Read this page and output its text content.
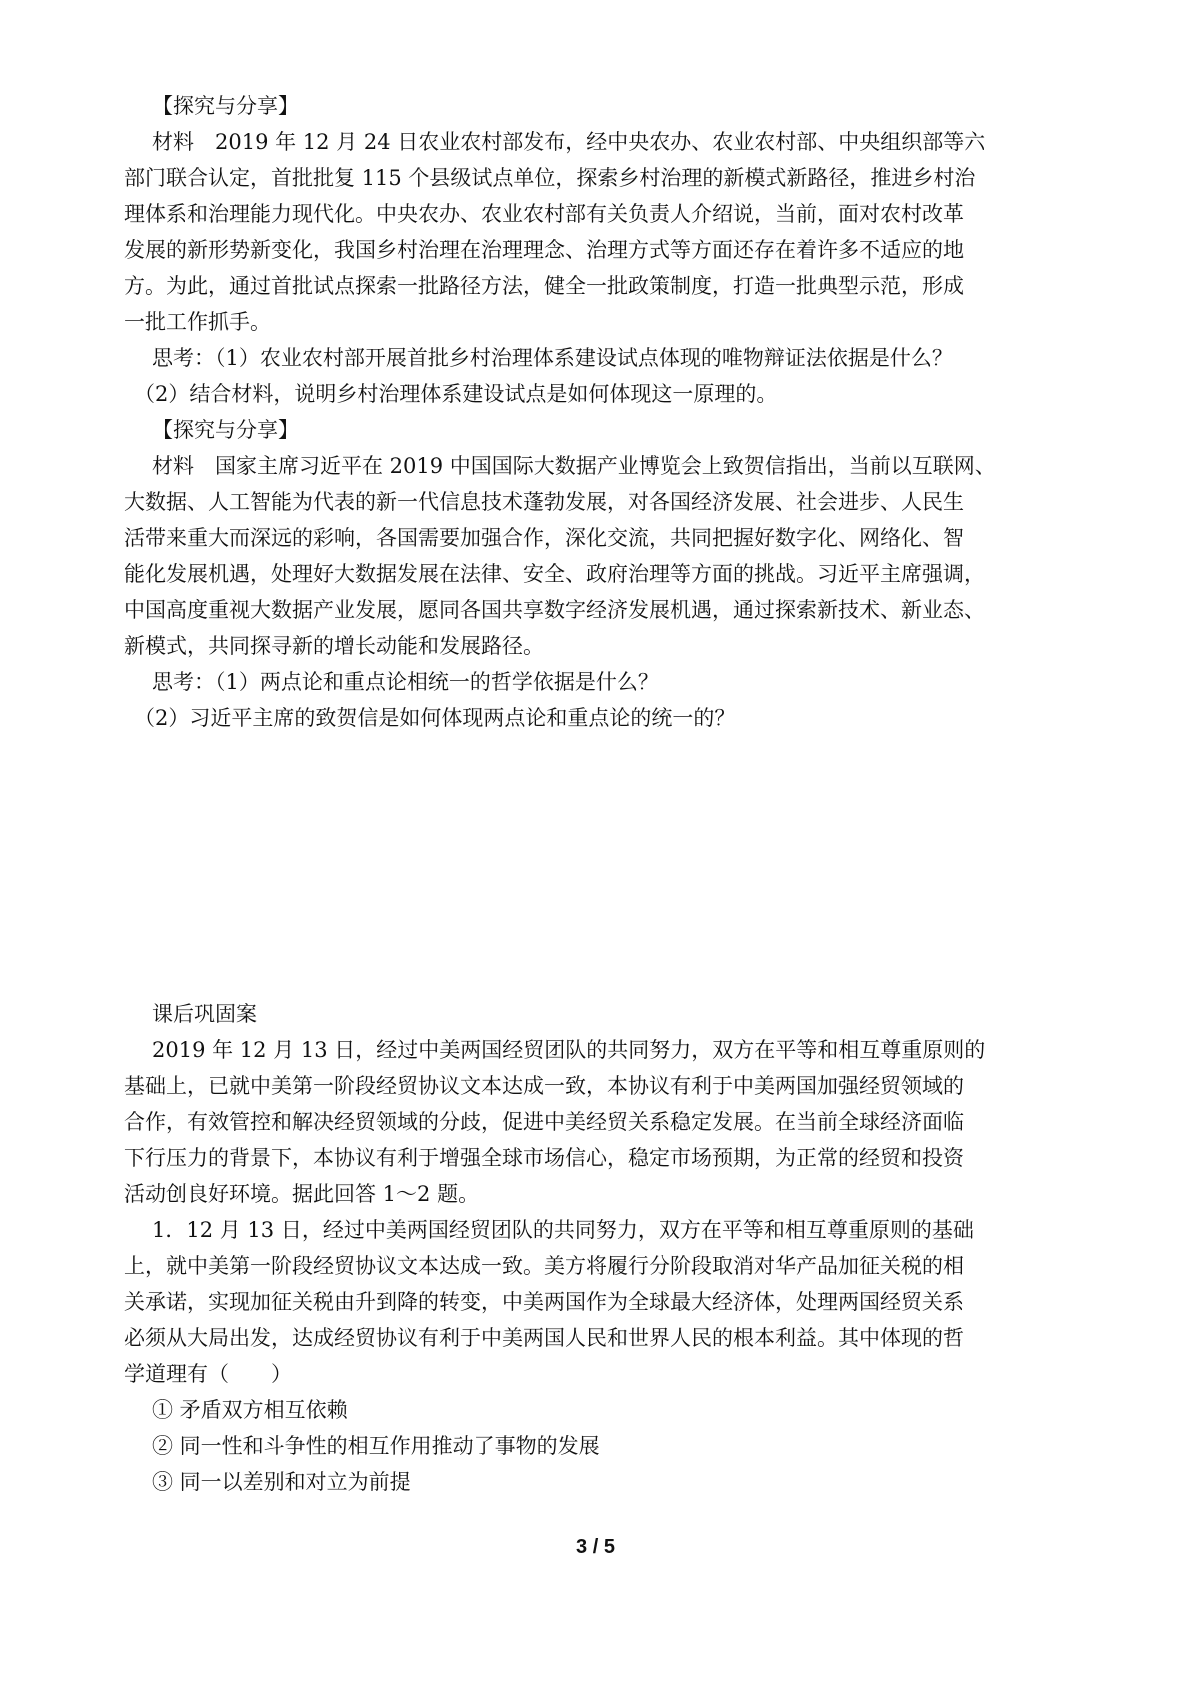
【探究与分享】
材料　2019 年 12 月 24 日农业农村部发布，经中央农办、农业农村部、中央组织部等六
部门联合认定，首批批复 115 个县级试点单位，探索乡村治理的新模式新路径，推进乡村治
理体系和治理能力现代化。中央农办、农业农村部有关负责人介绍说，当前，面对农村改革
发展的新形势新变化，我国乡村治理在治理理念、治理方式等方面还存在着许多不适应的地
方。为此，通过首批试点探索一批路径方法，健全一批政策制度，打造一批典型示范，形成
一批工作抓手。
思考：（1）农业农村部开展首批乡村治理体系建设试点体现的唯物辩证法依据是什么？
（2）结合材料，说明乡村治理体系建设试点是如何体现这一原理的。
【探究与分享】
材料　国家主席习近平在 2019 中国国际大数据产业博览会上致贺信指出，当前以互联网、
大数据、人工智能为代表的新一代信息技术蓬勃发展，对各国经济发展、社会进步、人民生
活带来重大而深远的彩响，各国需要加强合作，深化交流，共同把握好数字化、网络化、智
能化发展机遇，处理好大数据发展在法律、安全、政府治理等方面的挑战。习近平主席强调，
中国高度重视大数据产业发展，愿同各国共享数字经济发展机遇，通过探索新技术、新业态、
新模式，共同探寻新的增长动能和发展路径。
思考：（1）两点论和重点论相统一的哲学依据是什么？
（2）习近平主席的致贺信是如何体现两点论和重点论的统一的？
课后巩固案
2019 年 12 月 13 日，经过中美两国经贸团队的共同努力，双方在平等和相互尊重原则的
基础上，已就中美第一阶段经贸协议文本达成一致，本协议有利于中美两国加强经贸领域的
合作，有效管控和解决经贸领域的分歧，促进中美经贸关系稳定发展。在当前全球经济面临
下行压力的背景下，本协议有利于增强全球市场信心，稳定市场预期，为正常的经贸和投资
活动创良好环境。据此回答 1～2 题。
1．12 月 13 日，经过中美两国经贸团队的共同努力，双方在平等和相互尊重原则的基础
上，就中美第一阶段经贸协议文本达成一致。美方将履行分阶段取消对华产品加征关税的相
关承诺，实现加征关税由升到降的转变，中美两国作为全球最大经济体，处理两国经贸关系
必须从大局出发，达成经贸协议有利于中美两国人民和世界人民的根本利益。其中体现的哲
学道理有（　　）
① 矛盾双方相互依赖
② 同一性和斗争性的相互作用推动了事物的发展
③ 同一以差别和对立为前提
3 / 5
